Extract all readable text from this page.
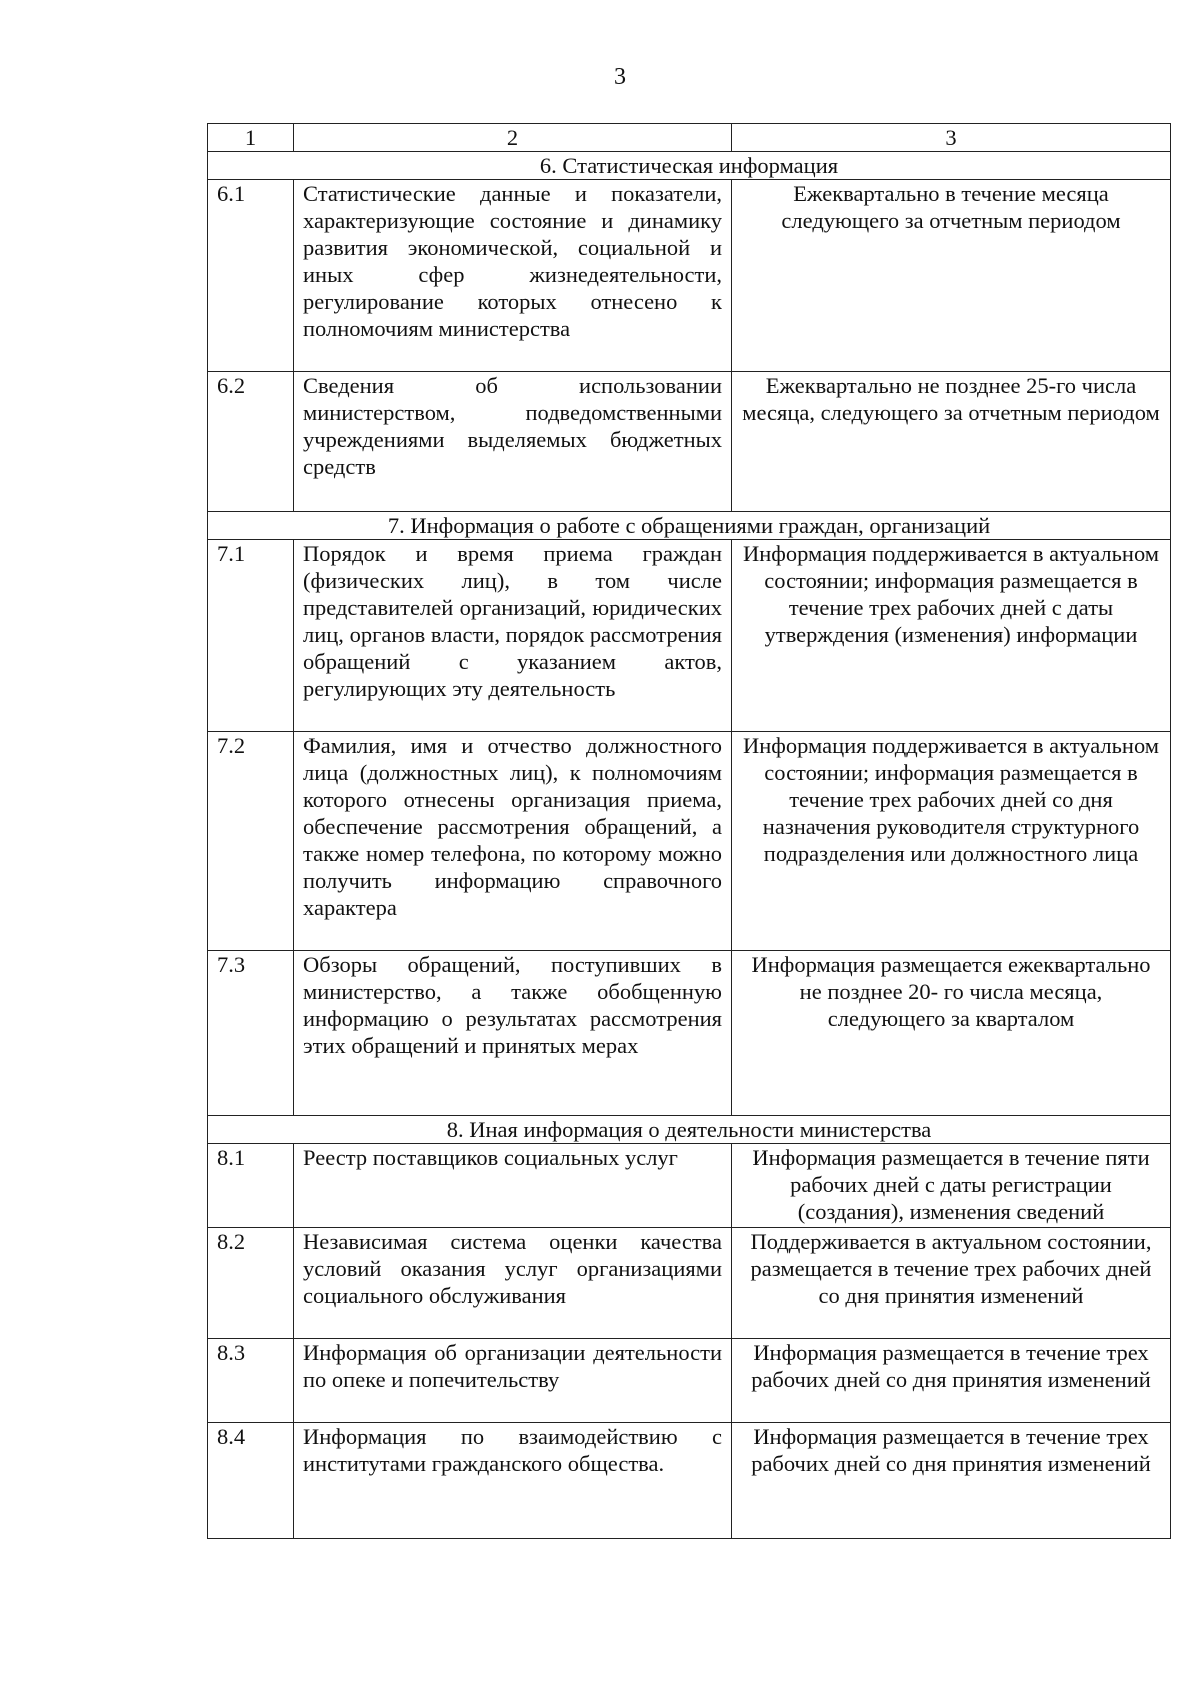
3
1	2	3
6. Статистическая информация		
6.1	Статистические данные и показатели, характеризующие состояние и динамику развития экономической, социальной и иных сфер жизнедеятельности, регулирование которых отнесено к полномочиям министерства	Ежеквартально в течение месяца следующего за отчетным периодом
6.2	Сведения об использовании министерством, подведомственными учреждениями выделяемых бюджетных средств	Ежеквартально не позднее 25-го числа месяца, следующего за отчетным периодом
7. Информация о работе с обращениями граждан, организаций		
7.1	Порядок и время приема граждан (физических лиц), в том числе представителей организаций, юридических лиц, органов власти, порядок рассмотрения обращений с указанием актов, регулирующих эту деятельность	Информация поддерживается в актуальном состоянии; информация размещается в течение трех рабочих дней с даты утверждения (изменения) информации
7.2	Фамилия, имя и отчество должностного лица (должностных лиц), к полномочиям которого отнесены организация приема, обеспечение рассмотрения обращений, а также номер телефона, по которому можно получить информацию справочного характера	Информация поддерживается в актуальном состоянии; информация размещается в течение трех рабочих дней со дня назначения руководителя структурного подразделения или должностного лица
7.3	Обзоры обращений, поступивших в министерство, а также обобщенную информацию о результатах рассмотрения этих обращений и принятых мерах	Информация размещается ежеквартально не позднее 20- го числа месяца, следующего за кварталом
8. Иная информация о деятельности министерства		
8.1	Реестр поставщиков социальных услуг	Информация размещается в течение пяти рабочих дней с даты регистрации (создания), изменения сведений
8.2	Независимая система оценки качества условий оказания услуг организациями социального обслуживания	Поддерживается в актуальном состоянии, размещается в течение трех рабочих дней со дня принятия изменений
8.3	Информация об организации деятельности по опеке и попечительству	Информация размещается в течение трех рабочих дней со дня принятия изменений
8.4	Информация по взаимодействию с институтами гражданского общества.	Информация размещается в течение трех рабочих дней со дня принятия изменений
